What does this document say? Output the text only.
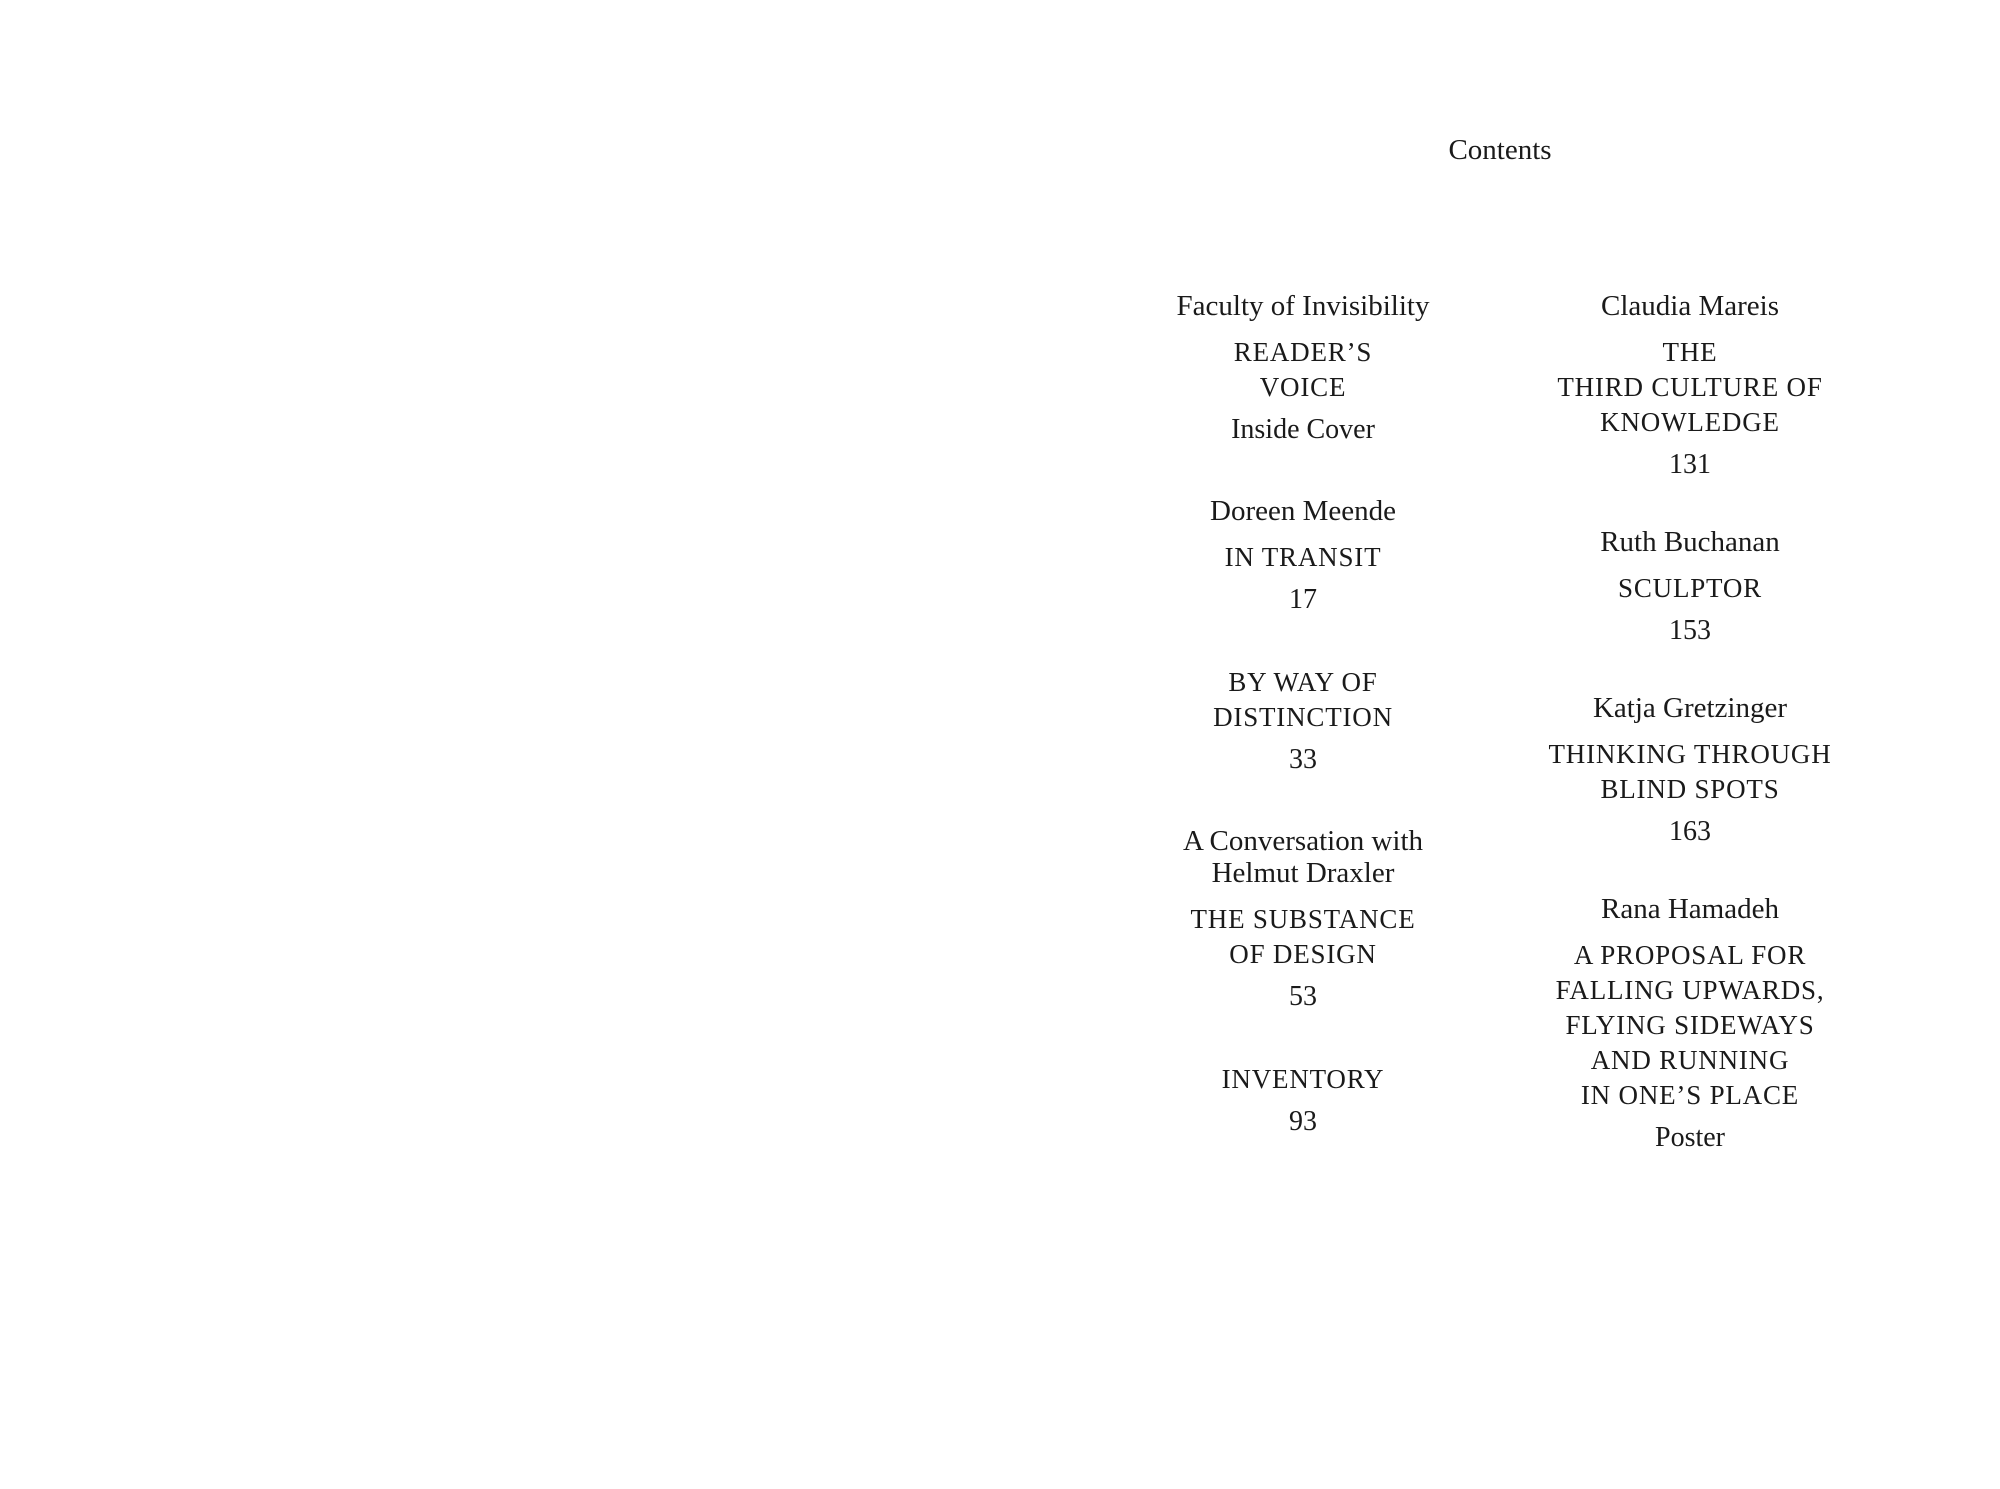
Contents
Faculty of Invisibility
READER’S
VOICE
Inside Cover
Doreen Meende
IN TRANSIT
17
BY WAY OF
DISTINCTION
33
A Conversation with
Helmut Draxler
THE SUBSTANCE
OF DESIGN
53
INVENTORY
93
Claudia Mareis
THE
THIRD CULTURE OF
KNOWLEDGE
131
Ruth Buchanan
SCULPTOR
153
Katja Gretzinger
THINKING THROUGH
BLIND SPOTS
163
Rana Hamadeh
A PROPOSAL FOR
FALLING UPWARDS,
FLYING SIDEWAYS
AND RUNNING
IN ONE’S PLACE
Poster
